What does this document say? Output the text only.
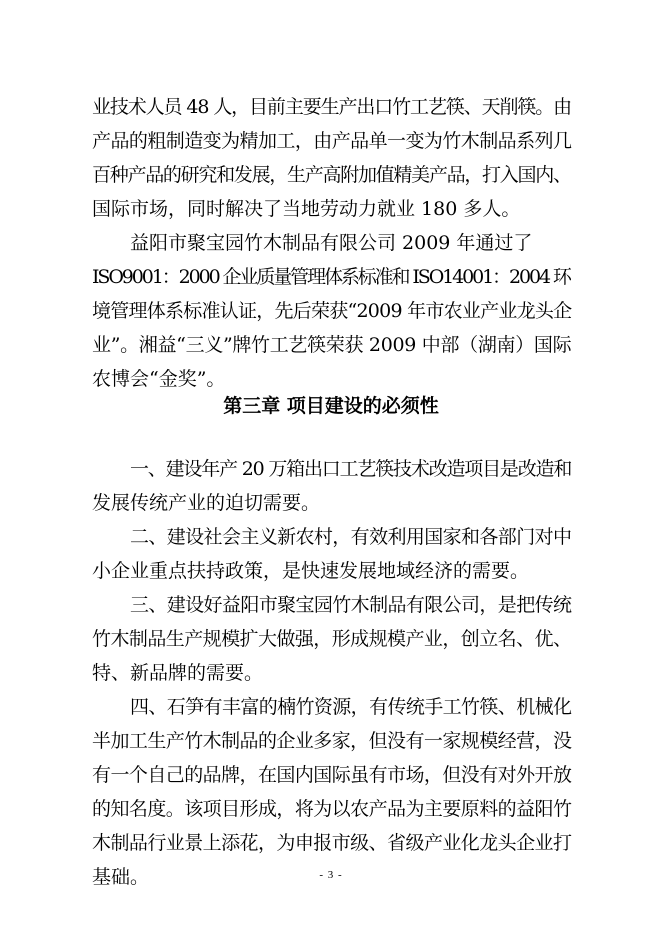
业技术人员 48 人，目前主要生产出口竹工艺筷、天削筷。由
产品的粗制造变为精加工，由产品单一变为竹木制品系列几
百种产品的研究和发展，生产高附加值精美产品，打入国内、
国际市场，同时解决了当地劳动力就业 180 多人。
益阳市聚宝园竹木制品有限公司 2009 年通过了
ISO9001：2000 企业质量管理体系标准和 ISO14001：2004 环
境管理体系标准认证，先后荣获“2009 年市农业产业龙头企
业”。湘益“三义”牌竹工艺筷荣获 2009 中部（湖南）国际
农博会“金奖”。
第三章 项目建设的必须性
一、建设年产 20 万箱出口工艺筷技术改造项目是改造和
发展传统产业的迫切需要。
二、建设社会主义新农村，有效利用国家和各部门对中
小企业重点扶持政策，是快速发展地域经济的需要。
三、建设好益阳市聚宝园竹木制品有限公司，是把传统
竹木制品生产规模扩大做强，形成规模产业，创立名、优、
特、新品牌的需要。
四、石笋有丰富的楠竹资源，有传统手工竹筷、机械化
半加工生产竹木制品的企业多家，但没有一家规模经营，没
有一个自己的品牌，在国内国际虽有市场，但没有对外开放
的知名度。该项目形成，将为以农产品为主要原料的益阳竹
木制品行业景上添花，为申报市级、省级产业化龙头企业打
基础。	- 3 -
